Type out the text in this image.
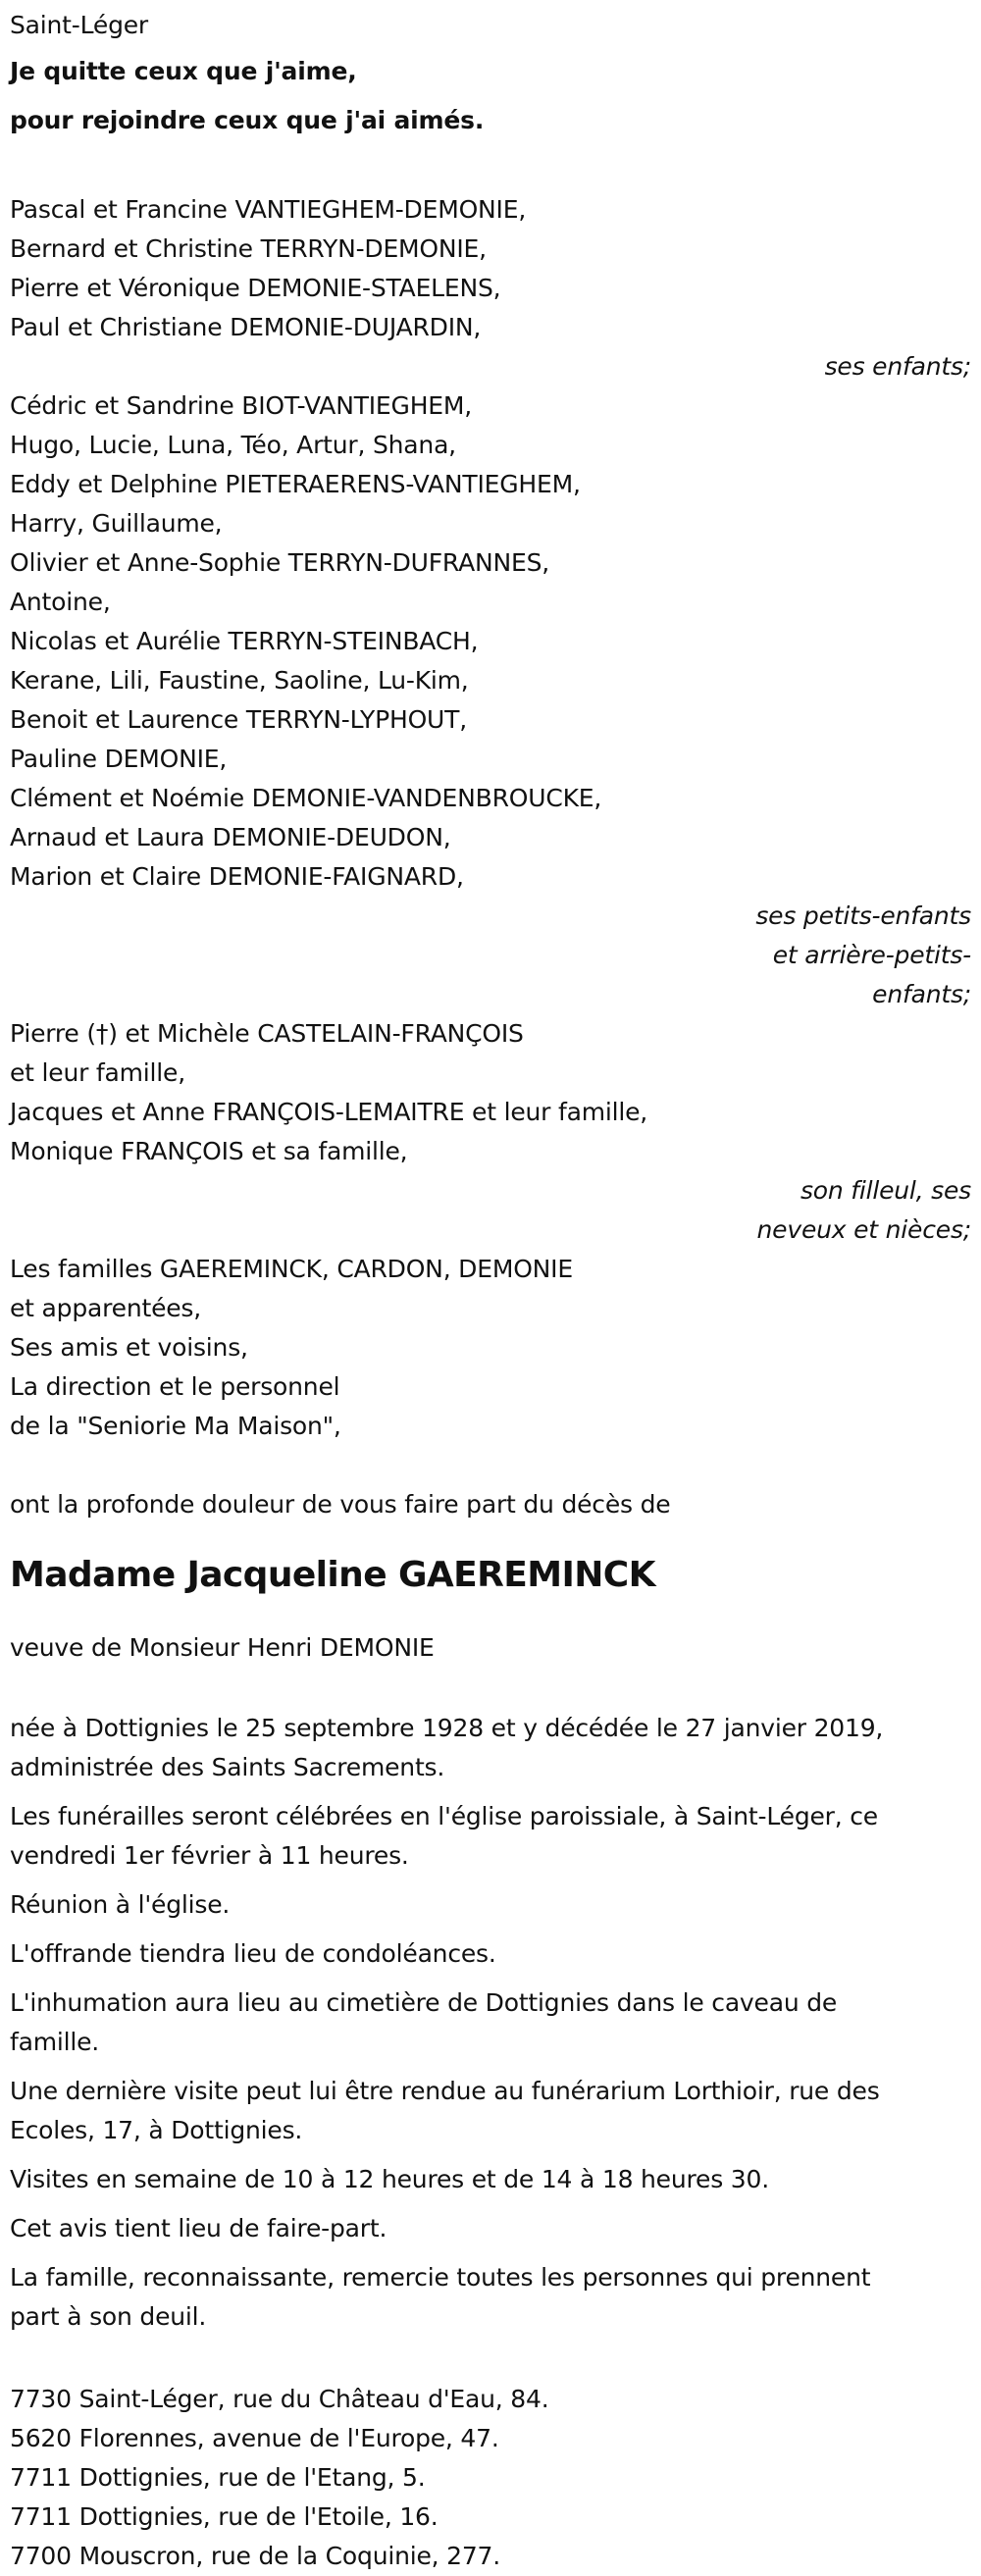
Saint-Léger
Je quitte ceux que j'aime,
pour rejoindre ceux que j'ai aimés.
Pascal et Francine VANTIEGHEM-DEMONIE,
Bernard et Christine TERRYN-DEMONIE,
Pierre et Véronique DEMONIE-STAELENS,
Paul et Christiane DEMONIE-DUJARDIN,
ses enfants;
Cédric et Sandrine BIOT-VANTIEGHEM,
Hugo, Lucie, Luna, Téo, Artur, Shana,
Eddy et Delphine PIETERAERENS-VANTIEGHEM,
Harry, Guillaume,
Olivier et Anne-Sophie TERRYN-DUFRANNES,
Antoine,
Nicolas et Aurélie TERRYN-STEINBACH,
Kerane, Lili, Faustine, Saoline, Lu-Kim,
Benoit et Laurence TERRYN-LYPHOUT,
Pauline DEMONIE,
Clément et Noémie DEMONIE-VANDENBROUCKE,
Arnaud et Laura DEMONIE-DEUDON,
Marion et Claire DEMONIE-FAIGNARD,
ses petits-enfants
et arrière-petits-
enfants;
Pierre (†) et Michèle CASTELAIN-FRANÇOIS
et leur famille,
Jacques et Anne FRANÇOIS-LEMAITRE et leur famille,
Monique FRANÇOIS et sa famille,
son filleul, ses
neveux et nièces;
Les familles GAEREMINCK, CARDON, DEMONIE
et apparentées,
Ses amis et voisins,
La direction et le personnel
de la "Seniorie Ma Maison",
ont la profonde douleur de vous faire part du décès de
Madame Jacqueline GAEREMINCK
veuve de Monsieur Henri DEMONIE
née à Dottignies le 25 septembre 1928 et y décédée le 27 janvier 2019,
administrée des Saints Sacrements.
Les funérailles seront célébrées en l'église paroissiale, à Saint-Léger, ce
vendredi 1er février à 11 heures.
Réunion à l'église.
L'offrande tiendra lieu de condoléances.
L'inhumation aura lieu au cimetière de Dottignies dans le caveau de
famille.
Une dernière visite peut lui être rendue au funérarium Lorthioir, rue des
Ecoles, 17, à Dottignies.
Visites en semaine de 10 à 12 heures et de 14 à 18 heures 30.
Cet avis tient lieu de faire-part.
La famille, reconnaissante, remercie toutes les personnes qui prennent
part à son deuil.
7730 Saint-Léger, rue du Château d'Eau, 84.
5620 Florennes, avenue de l'Europe, 47.
7711 Dottignies, rue de l'Etang, 5.
7711 Dottignies, rue de l'Etoile, 16.
7700 Mouscron, rue de la Coquinie, 277.
